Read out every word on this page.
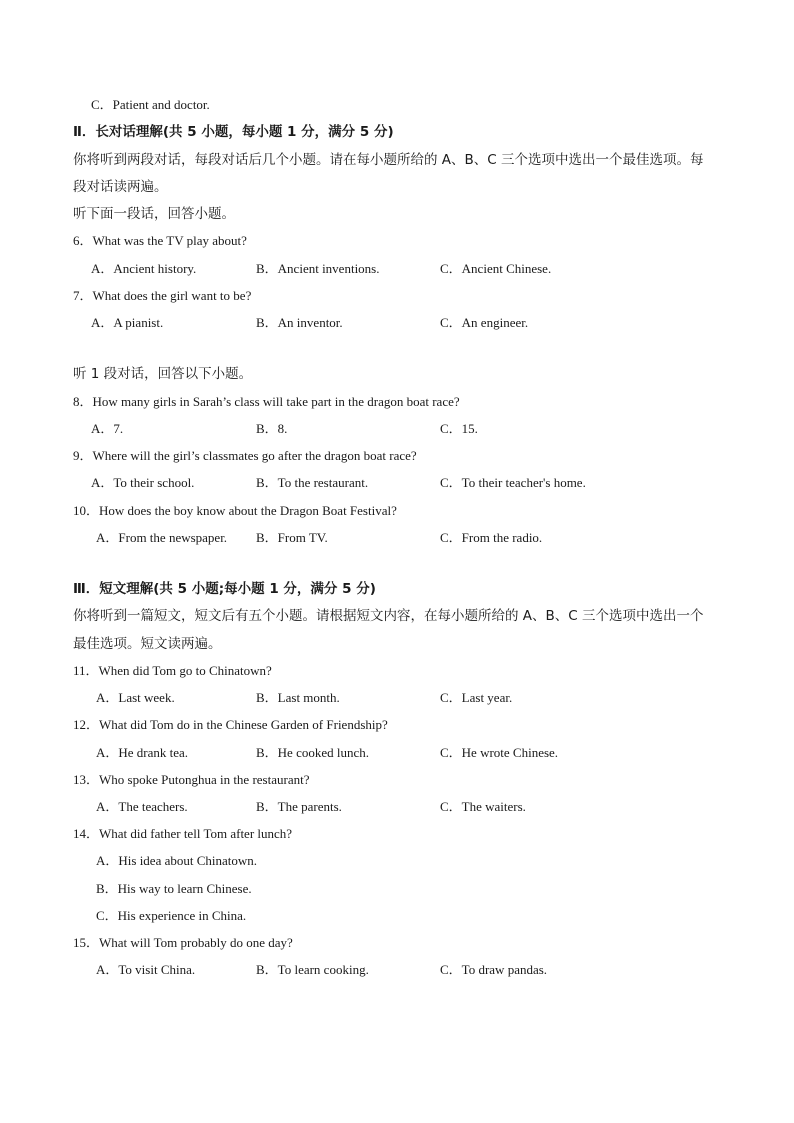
C．Patient and doctor.
Ⅱ．长对话理解(共 5 小题，每小题 1 分，满分 5 分)
你将听到两段对话，每段对话后几个小题。请在每小题所给的 A、B、C 三个选项中选出一个最佳选项。每
段对话读两遍。
听下面一段话，回答小题。
6．What was the TV play about?
A．Ancient history.	B．Ancient inventions.	C．Ancient Chinese.
7．What does the girl want to be?
A．A pianist.	B．An inventor.	C．An engineer.
听 1 段对话，回答以下小题。
8．How many girls in Sarah’s class will take part in the dragon boat race?
A．7.	B．8.	C．15.
9．Where will the girl’s classmates go after the dragon boat race?
A．To their school.	B．To the restaurant.	C．To their teacher's home.
10．How does the boy know about the Dragon Boat Festival?
A．From the newspaper. B．From TV.	C．From the radio.
Ⅲ．短文理解(共 5 小题;每小题 1 分，满分 5 分)
你将听到一篇短文，短文后有五个小题。请根据短文内容，在每小题所给的 A、B、C 三个选项中选出一个
最佳选项。短文读两遍。
11．When did Tom go to Chinatown?
A．Last week.	B．Last month.	C．Last year.
12．What did Tom do in the Chinese Garden of Friendship?
A．He drank tea.	B．He cooked lunch.	C．He wrote Chinese.
13．Who spoke Putonghua in the restaurant?
A．The teachers.	B．The parents.	C．The waiters.
14．What did father tell Tom after lunch?
A．His idea about Chinatown.
B．His way to learn Chinese.
C．His experience in China.
15．What will Tom probably do one day?
A．To visit China.	B．To learn cooking.	C．To draw pandas.
